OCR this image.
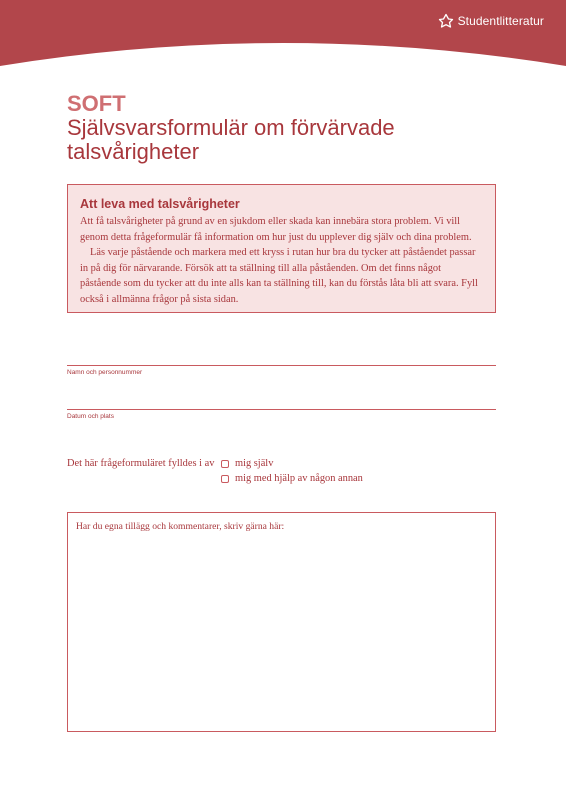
Studentlitteratur
SOFT
Självsvarsformulär om förvärvade
talsvårigheter
Att leva med talsvårigheter

Att få talsvårigheter på grund av en sjukdom eller skada kan innebära stora problem. Vi vill genom detta frågeformulär få information om hur just du upplever dig själv och dina problem.

Läs varje påstående och markera med ett kryss i rutan hur bra du tycker att påståendet passar in på dig för närvarande. Försök att ta ställning till alla påståenden. Om det finns något påstående som du tycker att du inte alls kan ta ställning till, kan du förstås låta bli att svara. Fyll också i allmänna frågor på sista sidan.

Namn och personnummer
Datum och plats
Det här frågeformuläret fylldes i av mig själv
mig med hjälp av någon annan
Har du egna tillägg och kommentarer, skriv gärna här:
